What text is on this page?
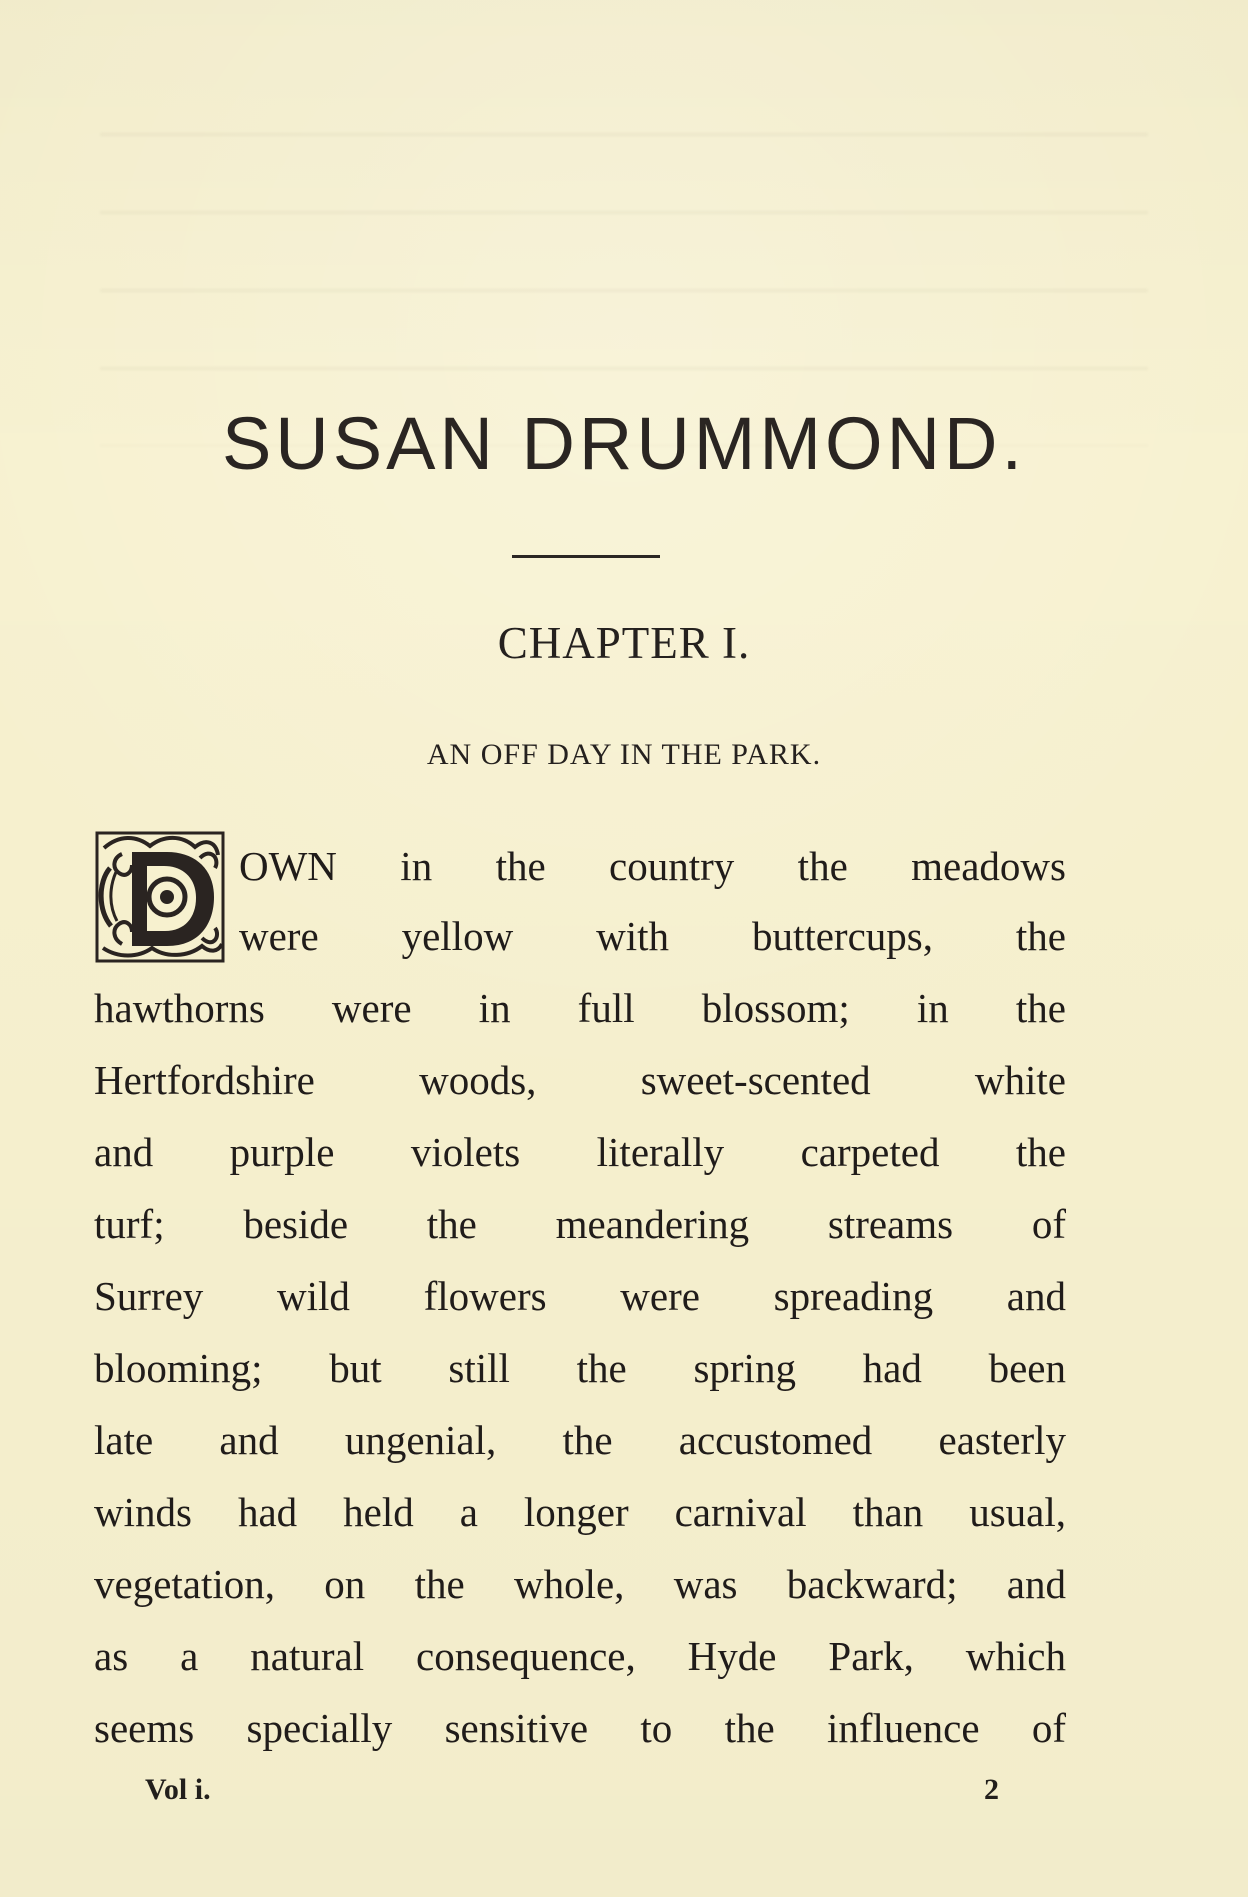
SUSAN DRUMMOND.
CHAPTER I.
AN OFF DAY IN THE PARK.
OWN in the country the meadows
were yellow with buttercups, the
hawthorns were in full blossom; in the
Hertfordshire woods, sweet-scented white
and purple violets literally carpeted the
turf; beside the meandering streams of
Surrey wild flowers were spreading and
blooming; but still the spring had been
late and ungenial, the accustomed easterly
winds had held a longer carnival than usual,
vegetation, on the whole, was backward; and
as a natural consequence, Hyde Park, which
seems specially sensitive to the influence of
Vol i.	2
